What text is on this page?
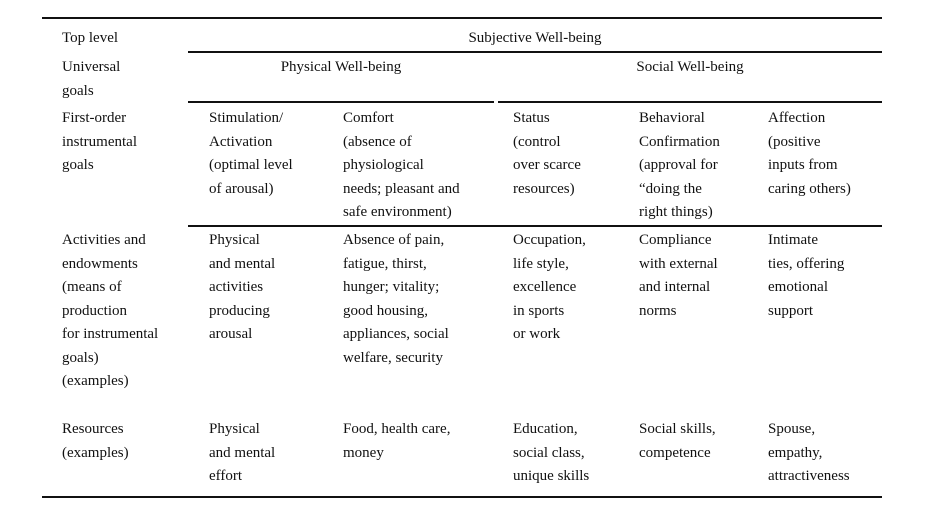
Top level
Universal
goals
First-order
instrumental
goals
Activities and
endowments
(means of
production
for instrumental
goals)
(examples)
Resources
(examples)
Subjective Well-being
Physical Well-being	Social Well-being
Stimulation/
Activation
(optimal level
of arousal)
Comfort
(absence of
physiological
needs; pleasant and
safe environment)
Status
(control
over scarce
resources)
Behavioral
Confirmation
(approval for
“doing the
right things)
Affection
(positive
inputs from
caring others)
Physical
and mental
activities
producing
arousal
Absence of pain,
fatigue, thirst,
hunger; vitality;
good housing,
appliances, social
welfare, security
Occupation,
life style,
excellence
in sports
or work
Compliance
with external
and internal
norms
Intimate
ties, offering
emotional
support
Physical
and mental
effort
Food, health care,
money
Education,
social class,
unique skills
Social skills,
competence
Spouse,
empathy,
attractiveness
